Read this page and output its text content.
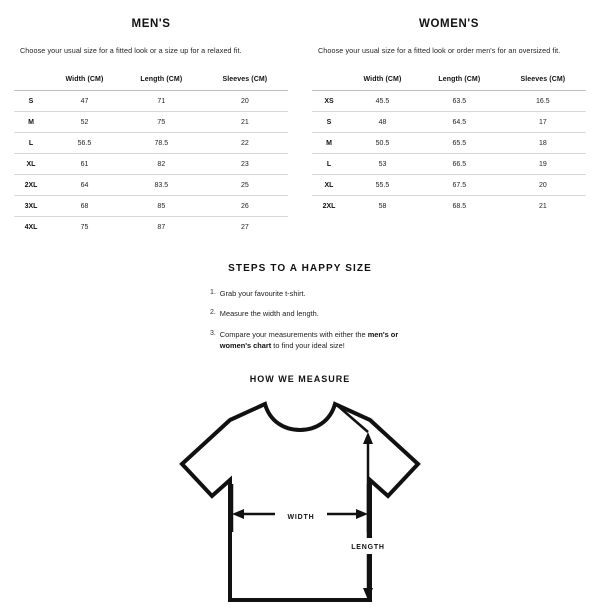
MEN'S
Choose your usual size for a fitted look or a size up for a relaxed fit.
	Width (CM)	Length (CM)	Sleeves (CM)
S	47	71	20
M	52	75	21
L	56.5	78.5	22
XL	61	82	23
2XL	64	83.5	25
3XL	68	85	26
4XL	75	87	27
WOMEN'S
Choose your usual size for a fitted look or order men's for an oversized fit.
	Width (CM)	Length (CM)	Sleeves (CM)
XS	45.5	63.5	16.5
S	48	64.5	17
M	50.5	65.5	18
L	53	66.5	19
XL	55.5	67.5	20
2XL	58	68.5	21
STEPS TO A HAPPY SIZE
1. Grab your favourite t-shirt.
2. Measure the width and length.
3. Compare your measurements with either the men's or
women's chart to find your ideal size!
HOW WE MEASURE
WIDTH
LENGTH
